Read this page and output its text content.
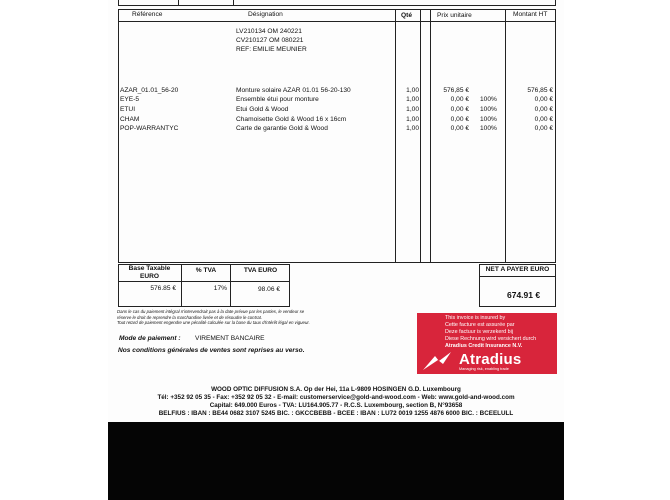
Référence	Désignation	Qté	Prix unitaire	Montant HT
LV210134 OM 240221
CV210127 OM 080221
REF: EMILIE MEUNIER
AZAR_01.01_56-20	Monture solaire AZAR 01.01 56-20-130	1,00	576,85 €	576,85 €
EYE-5	Ensemble étui pour monture	1,00	0,00 € 100%	0,00 €
ETUI	Etui Gold & Wood	1,00	0,00 € 100%	0,00 €
CHAM	Chamoisette Gold & Wood 16 x 16cm	1,00	0,00 € 100%	0,00 €
POP-WARRANTYC	Carte de garantie Gold & Wood	1,00	0,00 € 100%	0,00 €
Base Taxable
EURO
% TVA	TVA EURO
576.85 €	17%	98.06 €
NET A PAYER EURO
674.91 €
Dans le cas du paiement intégral n'intervendrait pas à la date prévue par les parties, le vendeur se
réserve le droit de reprendre la marchandise livrée et de résoudre le contrat.
Tout retard de paiement engendre une pénalité calculée sur la base du taux d'intérêt légal en vigueur.
Mode de paiement : VIREMENT BANCAIRE
Nos conditions générales de ventes sont reprises au verso.
This invoice is insured by
Cette facture est assurée par
Deze factuur is verzekerd bij
Diese Rechnung wird versichert durch
Atradius Credit Insurance N.V.
Atradius
Managing risk, enabling trade
WOOD OPTIC DIFFUSION S.A. Op der Hei, 11a L-9809 HOSINGEN G.D. Luxembourg
Tél: +352 92 05 35 - Fax: +352 92 05 32 - E-mail: customerservice@gold-and-wood.com - Web: www.gold-and-wood.com
Capital: 649.000 Euros - TVA: LU164.905.77 - R.C.S. Luxembourg, section B, N°93658
BELFIUS : IBAN : BE44 0682 3107 5245 BIC. : GKCCBEBB - BCEE : IBAN : LU72 0019 1255 4876 6000 BIC. : BCEELULL
